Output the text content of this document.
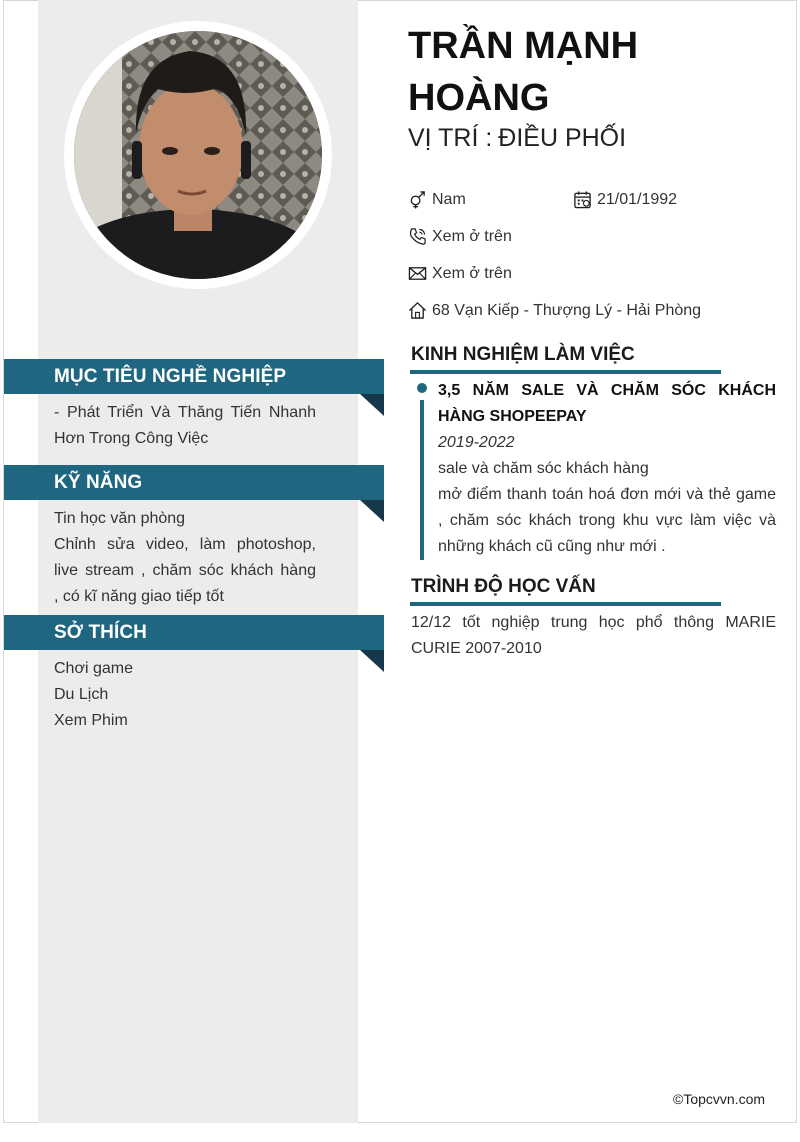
MỤC TIÊU NGHỀ NGHIỆP
- Phát Triển Và Thăng Tiến Nhanh
Hơn Trong Công Việc
KỸ NĂNG
Tin học văn phòng
Chỉnh sửa video, làm photoshop,
live stream , chăm sóc khách hàng
, có kĩ năng giao tiếp tốt
SỞ THÍCH
Chơi game
Du Lịch
Xem Phim
TRẦN MẠNH
HOÀNG
VỊ TRÍ : ĐIỀU PHỐI
Nam	21/01/1992
Xem ở trên
Xem ở trên
68 Vạn Kiếp - Thượng Lý - Hải Phòng
KINH NGHIỆM LÀM VIỆC
3,5 NĂM SALE VÀ CHĂM SÓC KHÁCH
HÀNG SHOPEEPAY
2019-2022
sale và chăm sóc khách hàng
mở điểm thanh toán hoá đơn mới và thẻ game , chăm sóc khách trong khu vực làm việc và những khách cũ cũng như mới .
TRÌNH ĐỘ HỌC VẤN
12/12 tốt nghiệp trung học phổ thông MARIE CURIE 2007-2010
©Topcvvn.com
